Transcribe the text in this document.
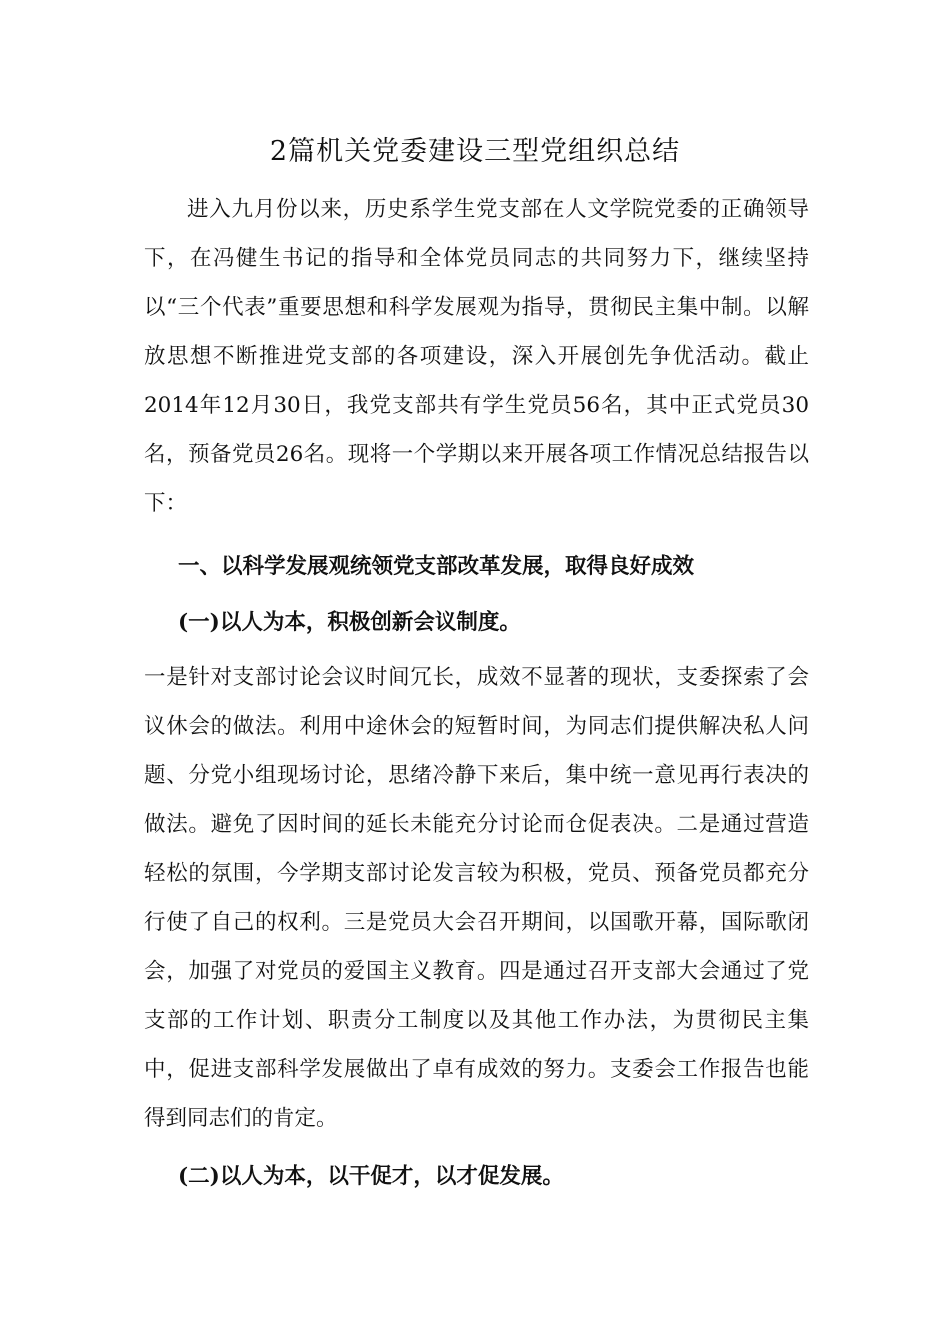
2篇机关党委建设三型党组织总结
进入九月份以来，历史系学生党支部在人文学院党委的正确领导下，在冯健生书记的指导和全体党员同志的共同努力下，继续坚持以“三个代表”重要思想和科学发展观为指导，贯彻民主集中制。以解放思想不断推进党支部的各项建设，深入开展创先争优活动。截止2014年12月30日，我党支部共有学生党员56名，其中正式党员30名，预备党员26名。现将一个学期以来开展各项工作情况总结报告以下：
一、以科学发展观统领党支部改革发展，取得良好成效
(一)以人为本，积极创新会议制度。
一是针对支部讨论会议时间冗长，成效不显著的现状，支委探索了会议休会的做法。利用中途休会的短暂时间，为同志们提供解决私人问题、分党小组现场讨论，思绪冷静下来后，集中统一意见再行表决的做法。避免了因时间的延长未能充分讨论而仓促表决。二是通过营造轻松的氛围，今学期支部讨论发言较为积极，党员、预备党员都充分行使了自己的权利。三是党员大会召开期间，以国歌开幕，国际歌闭会，加强了对党员的爱国主义教育。四是通过召开支部大会通过了党支部的工作计划、职责分工制度以及其他工作办法，为贯彻民主集中，促进支部科学发展做出了卓有成效的努力。支委会工作报告也能得到同志们的肯定。
(二)以人为本，以干促才，以才促发展。
